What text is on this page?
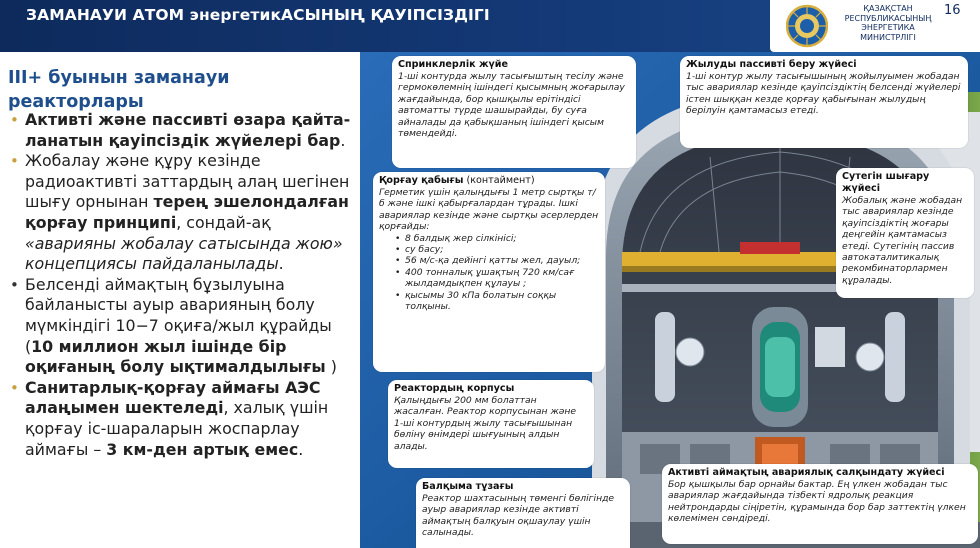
ЗАМАНАУИ АТОМ энергетикАСЫНЫҢ ҚАУІПСІЗДІГІ	ҚАЗАҚСТАН
РЕСПУБЛИКАСЫНЫҢ
ЭНЕРГЕТИКА
МИНИСТРЛІГІ
16
III+ буынын заманауи реакторлары
• Активті және пассивті өзара қайта-ланатын қауіпсіздік жүйелері бар.
• Жобалау және құру кезінде радиоактивті заттардың алаң шегінен шығу орнынан терең эшелондалған қорғау принципі, сондай-ақ «аварияны жобалау сатысында жою» концепциясы пайдаланылады.
• Белсенді аймақтың бұзылуына байланысты ауыр аварияның болу мүмкіндігі 10−7 оқиға/жыл құрайды (10 миллион жыл ішінде бір оқиғаның болу ықтималдылығы )
• Санитарлық-қорғау аймағы АЭС алаңымен шектеледі, халық үшін қорғау іс-шараларын жоспарлау аймағы – 3 км-ден артық емес.
Спринклерлік жүйе
1-ші контурда жылу тасығыштың тесілу және гермокөлемнің ішіндегі қысымның жоғарылау жағдайында, бор қышқылы ерітіндісі автоматты түрде шашырайды, бу суға айналады да қабықшаның ішіндегі қысым төмендейді.
Жылуды пассивті беру жүйесі
1-ші контур жылу тасығышының жойылуымен жобадан тыс авариялар кезінде қауіпсіздіктің белсенді жүйелері істен шыққан кезде қорғау қабығынан жылудың берілуін қамтамасыз етеді.
Қорғау қабығы (контаймент)
Герметик үшін қалыңдығы 1 метр сыртқы т/б және ішкі қабырғалардан тұрады. Ішкі авариялар кезінде және сыртқы әсерлерден қорғайды:
• 8 балдық жер сілкінісі;
• су басу;
• 56 м/с-қа дейінгі қатты жел, дауыл;
• 400 тонналық ұшақтың 720 км/сағ жылдамдықпен құлауы ;
• қысымы 30 кПа болатын соққы толқыны.
Сутегін шығару жүйесі
Жобалық және жобадан тыс авариялар кезінде қауіпсіздіктің жоғары деңгейін қамтамасыз етеді. Сутегінің пассив автокаталитикалық рекомбинаторлармен құралады.
Реактордың корпусы
Қалыңдығы 200 мм болаттан жасалған. Реактор корпусынан және 1-ші контурдың жылу тасығышынан бөлінү өнімдері шығуының алдын алады.
Активті аймақтың авариялық салқындату жүйесі
Бор қышқылы бар орнайы бактар. Ең үлкен жобадан тыс авариялар жағдайында тізбекті ядролық реакция нейтрондарды сіңіретін, құрамында бор бар заттектің үлкен көлемімен сөндіреді.
Балқыма тұзағы
Реактор шахтасының төменгі бөлігінде ауыр авариялар кезінде активті аймақтың балқуын оқшаулау үшін салынады.
